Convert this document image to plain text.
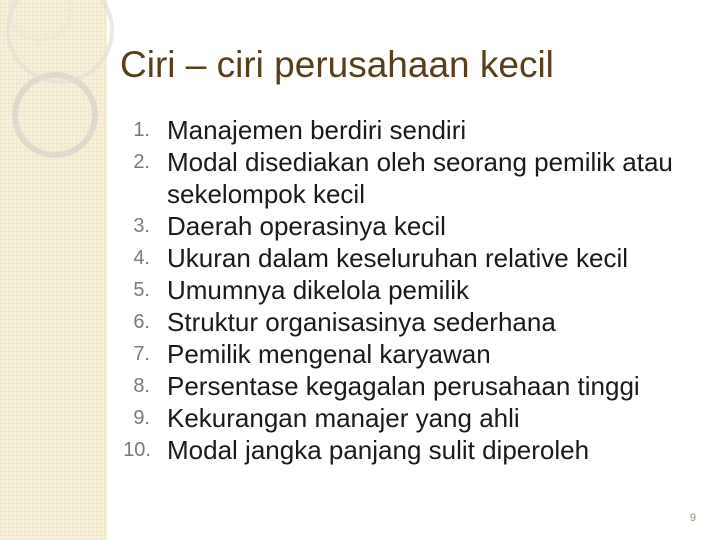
Ciri – ciri perusahaan kecil
1. Manajemen berdiri sendiri
2. Modal disediakan oleh seorang pemilik atau sekelompok kecil
3. Daerah operasinya kecil
4. Ukuran dalam keseluruhan relative kecil
5. Umumnya dikelola pemilik
6. Struktur organisasinya sederhana
7. Pemilik mengenal karyawan
8. Persentase kegagalan perusahaan tinggi
9. Kekurangan manajer yang ahli
10. Modal jangka panjang sulit diperoleh
9
